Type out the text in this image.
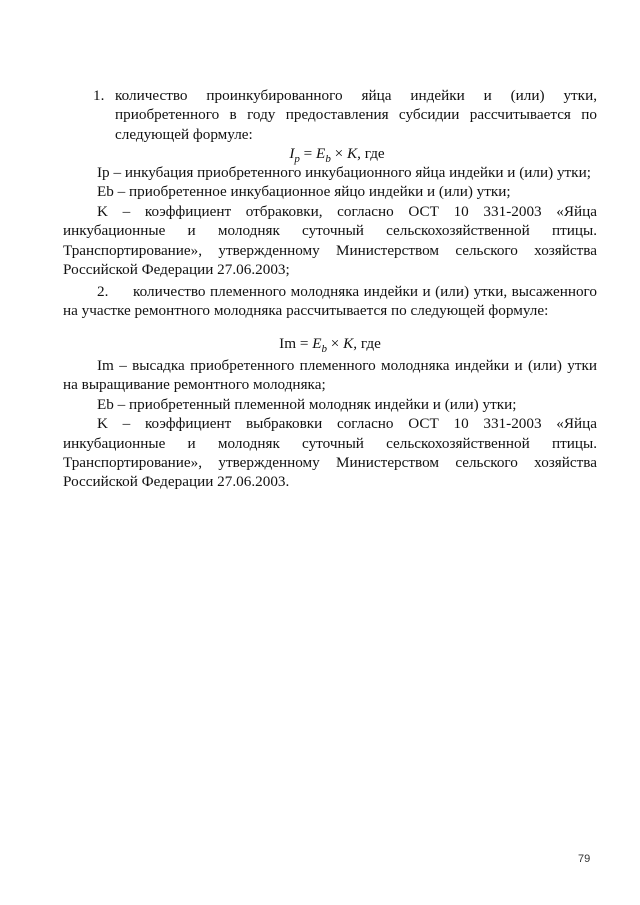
1. количество проинкубированного яйца индейки и (или) утки,
приобретенного в году предоставления субсидии рассчитывается по
следующей формуле:
$I_p = E_b \times K$, где
Iр – инкубация приобретенного инкубационного яйца индейки и (или) утки;
Eb – приобретенное инкубационное яйцо индейки и (или) утки;
K – коэффициент отбраковки, согласно ОСТ 10 331-2003 «Яйца
инкубационные и молодняк суточный сельскохозяйственной птицы.
Транспортирование», утвержденному Министерством сельского хозяйства
Российской Федерации 27.06.2003;
2. количество племенного молодняка индейки и (или) утки, высаженного
на участке ремонтного молодняка рассчитывается по следующей формуле:
$Im = E_b \times K$, где
Im – высадка приобретенного племенного молодняка индейки и (или) утки
на выращивание ремонтного молодняка;
Eb – приобретенный племенной молодняк индейки и (или) утки;
K – коэффициент выбраковки согласно ОСТ 10 331-2003 «Яйца
инкубационные и молодняк суточный сельскохозяйственной птицы.
Транспортирование», утвержденному Министерством сельского хозяйства
Российской Федерации 27.06.2003.
79
